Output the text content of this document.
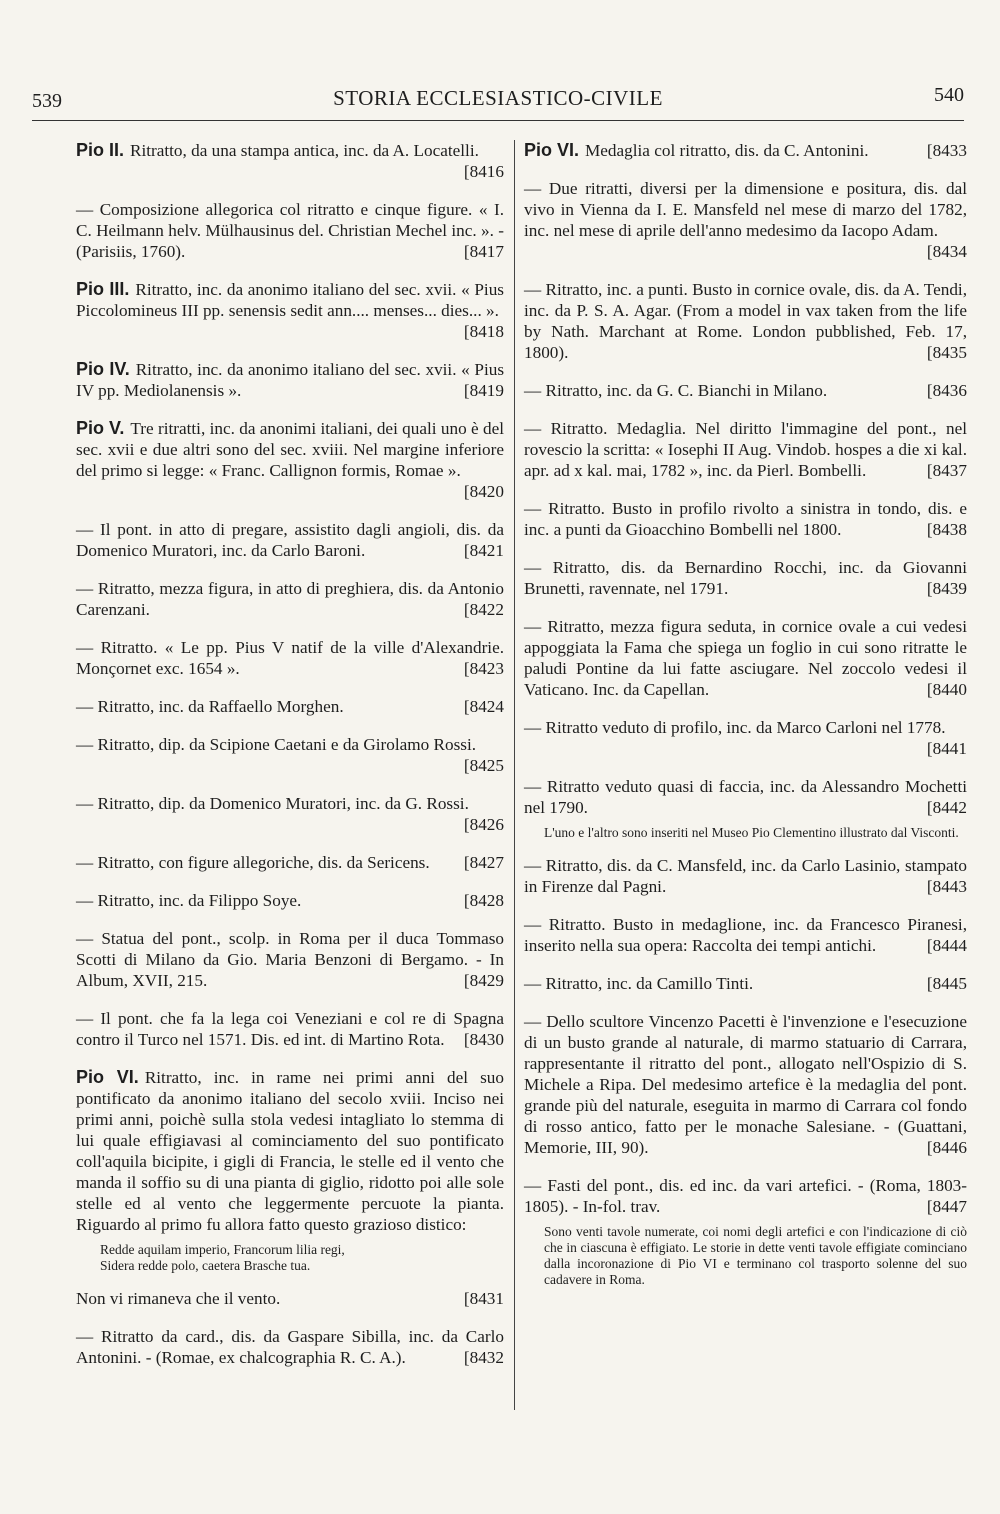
539	STORIA ECCLESIASTICO-CIVILE	540
Pio II. Ritratto, da una stampa antica, inc. da A. Locatelli.
[8416
— Composizione allegorica col ritratto e cinque figure. « I. C. Heilmann helv. Mülhausinus del. Christian Mechel inc. ». - (Parisiis, 1760).	[8417
Pio III. Ritratto, inc. da anonimo italiano del sec. xvii. « Pius Piccolomineus III pp. senensis sedit ann.... menses... dies... ».
[8418
Pio IV. Ritratto, inc. da anonimo italiano del sec. xvii. « Pius IV pp. Mediolanensis ».	[8419
Pio V. Tre ritratti, inc. da anonimi italiani, dei quali uno è del sec. xvii e due altri sono del sec. xviii. Nel margine inferiore del primo si legge: « Franc. Callignon formis, Romae ».
[8420
— Il pont. in atto di pregare, assistito dagli angioli, dis. da Domenico Muratori, inc. da Carlo Baroni.	[8421
— Ritratto, mezza figura, in atto di preghiera, dis. da Antonio Carenzani.	[8422
— Ritratto. « Le pp. Pius V natif de la ville d'Alexandrie. Monçornet exc. 1654 ».	[8423
— Ritratto, inc. da Raffaello Morghen.	[8424
— Ritratto, dip. da Scipione Caetani e da Girolamo Rossi.
[8425
— Ritratto, dip. da Domenico Muratori, inc. da G. Rossi.
[8426
— Ritratto, con figure allegoriche, dis. da Sericens. [8427
— Ritratto, inc. da Filippo Soye.	[8428
— Statua del pont., scolp. in Roma per il duca Tommaso Scotti di Milano da Gio. Maria Benzoni di Bergamo. - In Album, XVII, 215.	[8429
— Il pont. che fa la lega coi Veneziani e col re di Spagna contro il Turco nel 1571. Dis. ed int. di Martino Rota. [8430
Pio VI. Ritratto, inc. in rame nei primi anni del suo pontificato da anonimo italiano del secolo xviii. Inciso nei primi anni, poichè sulla stola vedesi intagliato lo stemma di lui quale effigiavasi al cominciamento del suo pontificato coll'aquila bicipite, i gigli di Francia, le stelle ed il vento che manda il soffio su di una pianta di giglio, ridotto poi alle sole stelle ed al vento che leggermente percuote la pianta. Riguardo al primo fu allora fatto questo grazioso distico:

Redde aquilam imperio, Francorum lilia regi,

Sidera redde polo, caetera Brasche tua.

Non vi rimaneva che il vento.	[8431
— Ritratto da card., dis. da Gaspare Sibilla, inc. da Carlo Antonini. - (Romae, ex chalcographia R. C. A.).	[8432
Pio VI. Medaglia col ritratto, dis. da C. Antonini.	[8433
— Due ritratti, diversi per la dimensione e positura, dis. dal vivo in Vienna da I. E. Mansfeld nel mese di marzo del 1782, inc. nel mese di aprile dell'anno medesimo da Iacopo Adam.
[8434
— Ritratto, inc. a punti. Busto in cornice ovale, dis. da A. Tendi, inc. da P. S. A. Agar. (From a model in vax taken from the life by Nath. Marchant at Rome. London pubblished, Feb. 17, 1800).	[8435
— Ritratto, inc. da G. C. Bianchi in Milano.	[8436
— Ritratto. Medaglia. Nel diritto l'immagine del pont., nel rovescio la scritta: « Iosephi II Aug. Vindob. hospes a die xi kal. apr. ad x kal. mai, 1782 », inc. da Pierl. Bombelli.	[8437
— Ritratto. Busto in profilo rivolto a sinistra in tondo, dis. e inc. a punti da Gioacchino Bombelli nel 1800.	[8438
— Ritratto, dis. da Bernardino Rocchi, inc. da Giovanni Brunetti, ravennate, nel 1791.	[8439
— Ritratto, mezza figura seduta, in cornice ovale a cui vedesi appoggiata la Fama che spiega un foglio in cui sono ritratte le paludi Pontine da lui fatte asciugare. Nel zoccolo vedesi il Vaticano. Inc. da Capellan.	[8440
— Ritratto veduto di profilo, inc. da Marco Carloni nel 1778.
[8441
— Ritratto veduto quasi di faccia, inc. da Alessandro Mochetti nel 1790.	[8442
L'uno e l'altro sono inseriti nel Museo Pio Clementino illustrato dal Visconti.
— Ritratto, dis. da C. Mansfeld, inc. da Carlo Lasinio, stampato in Firenze dal Pagni.	[8443
— Ritratto. Busto in medaglione, inc. da Francesco Piranesi, inserito nella sua opera: Raccolta dei tempi antichi.	[8444
— Ritratto, inc. da Camillo Tinti.	[8445
— Dello scultore Vincenzo Pacetti è l'invenzione e l'esecuzione di un busto grande al naturale, di marmo statuario di Carrara, rappresentante il ritratto del pont., allogato nell'Ospizio di S. Michele a Ripa. Del medesimo artefice è la medaglia del pont. grande più del naturale, eseguita in marmo di Carrara col fondo di rosso antico, fatto per le monache Salesiane. - (Guattani, Memorie, III, 90).	[8446
— Fasti del pont., dis. ed inc. da vari artefici. - (Roma, 1803-1805). - In-fol. trav.	[8447
Sono venti tavole numerate, coi nomi degli artefici e con l'indicazione di ciò che in ciascuna è effigiato. Le storie in dette venti tavole effigiate cominciano dalla incoronazione di Pio VI e terminano col trasporto solenne del suo cadavere in Roma.
